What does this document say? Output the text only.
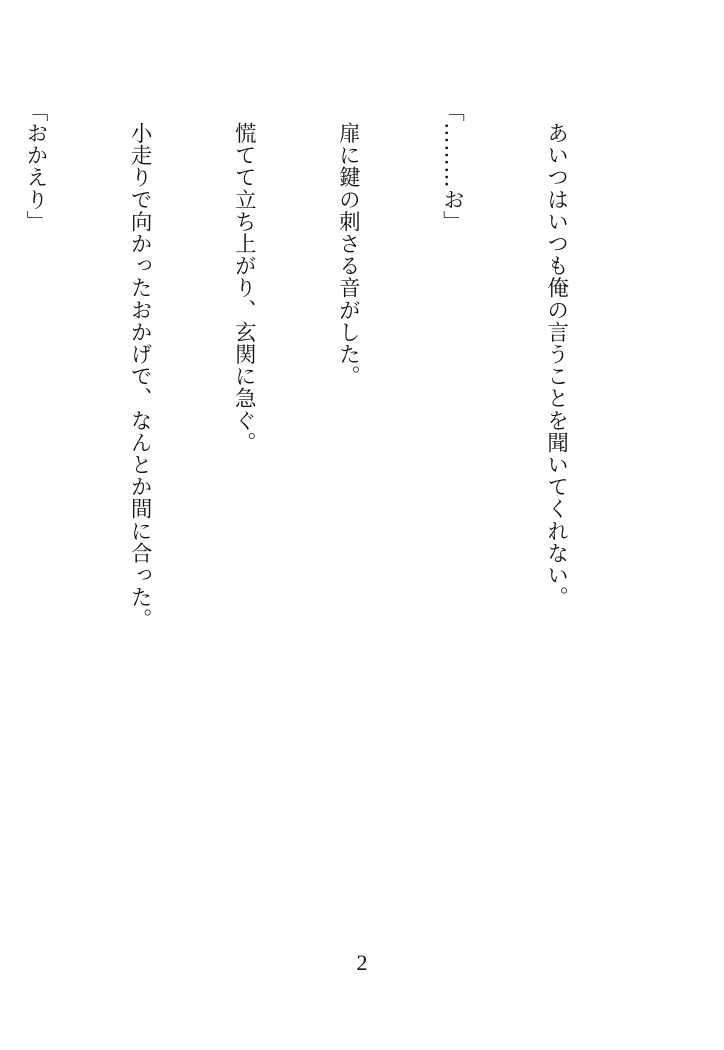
　あいつはいつも俺の言うことを聞いてくれない。

「………お」

　扉に鍵の刺さる音がした。

　慌てて立ち上がり、玄関に急ぐ。

　小走りで向かったおかげで、なんとか間に合った。

「おかえり」

2
